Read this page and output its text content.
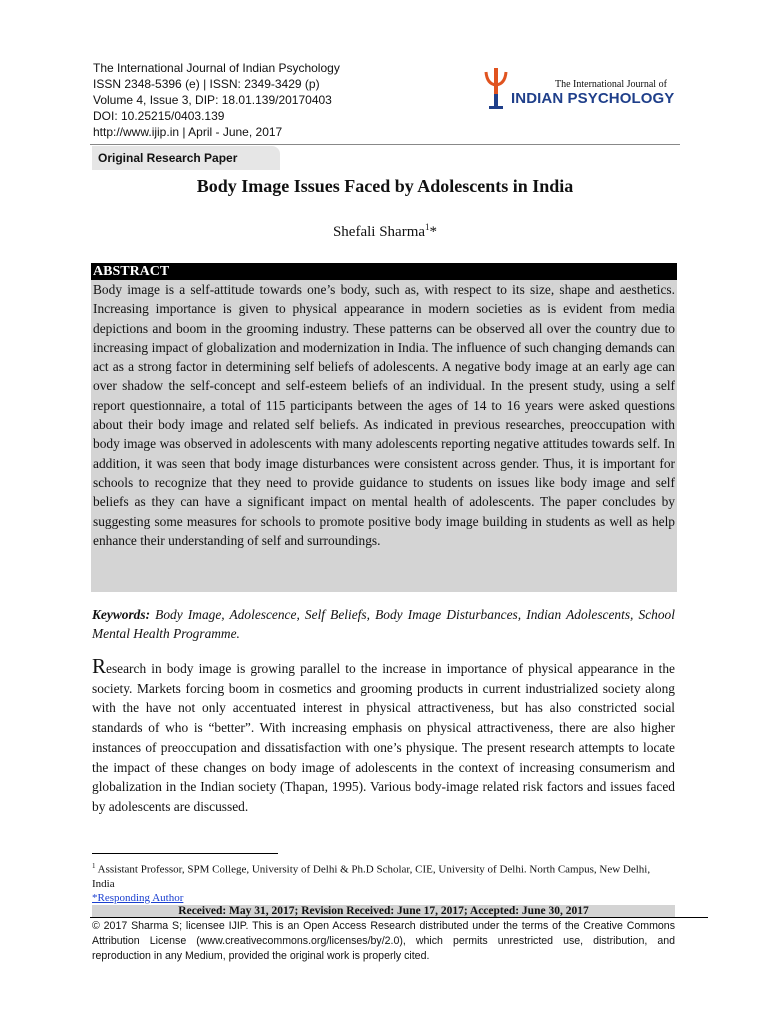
The International Journal of Indian Psychology
ISSN 2348-5396 (e) | ISSN: 2349-3429 (p)
Volume 4, Issue 3, DIP: 18.01.139/20170403
DOI: 10.25215/0403.139
http://www.ijip.in | April - June, 2017
The International Journal of
INDIAN PSYCHOLOGY
Original Research Paper
Body Image Issues Faced by Adolescents in India
Shefali Sharma$^1$*
ABSTRACT
Body image is a self-attitude towards one’s body, such as, with respect to its size, shape and aesthetics. Increasing importance is given to physical appearance in modern societies as is evident from media depictions and boom in the grooming industry. These patterns can be observed all over the country due to increasing impact of globalization and modernization in India. The influence of such changing demands can act as a strong factor in determining self beliefs of adolescents. A negative body image at an early age can over shadow the self-concept and self-esteem beliefs of an individual. In the present study, using a self report questionnaire, a total of 115 participants between the ages of 14 to 16 years were asked questions about their body image and related self beliefs. As indicated in previous researches, preoccupation with body image was observed in adolescents with many adolescents reporting negative attitudes towards self. In addition, it was seen that body image disturbances were consistent across gender. Thus, it is important for schools to recognize that they need to provide guidance to students on issues like body image and self beliefs as they can have a significant impact on mental health of adolescents. The paper concludes by suggesting some measures for schools to promote positive body image building in students as well as help enhance their understanding of self and surroundings.
Keywords: Body Image, Adolescence, Self Beliefs, Body Image Disturbances, Indian Adolescents, School Mental Health Programme.
Research in body image is growing parallel to the increase in importance of physical appearance in the society. Markets forcing boom in cosmetics and grooming products in current industrialized society along with the have not only accentuated interest in physical attractiveness, but has also constricted social standards of who is “better”. With increasing emphasis on physical attractiveness, there are also higher instances of preoccupation and dissatisfaction with one’s physique. The present research attempts to locate the impact of these changes on body image of adolescents in the context of increasing consumerism and globalization in the Indian society (Thapan, 1995). Various body-image related risk factors and issues faced by adolescents are discussed.
$^1$ Assistant Professor, SPM College, University of Delhi & Ph.D Scholar, CIE, University of Delhi. North Campus, New Delhi, India
*Responding Author
Received: May 31, 2017; Revision Received: June 17, 2017; Accepted: June 30, 2017
© 2017 Sharma S; licensee IJIP. This is an Open Access Research distributed under the terms of the Creative Commons Attribution License (www.creativecommons.org/licenses/by/2.0), which permits unrestricted use, distribution, and reproduction in any Medium, provided the original work is properly cited.
